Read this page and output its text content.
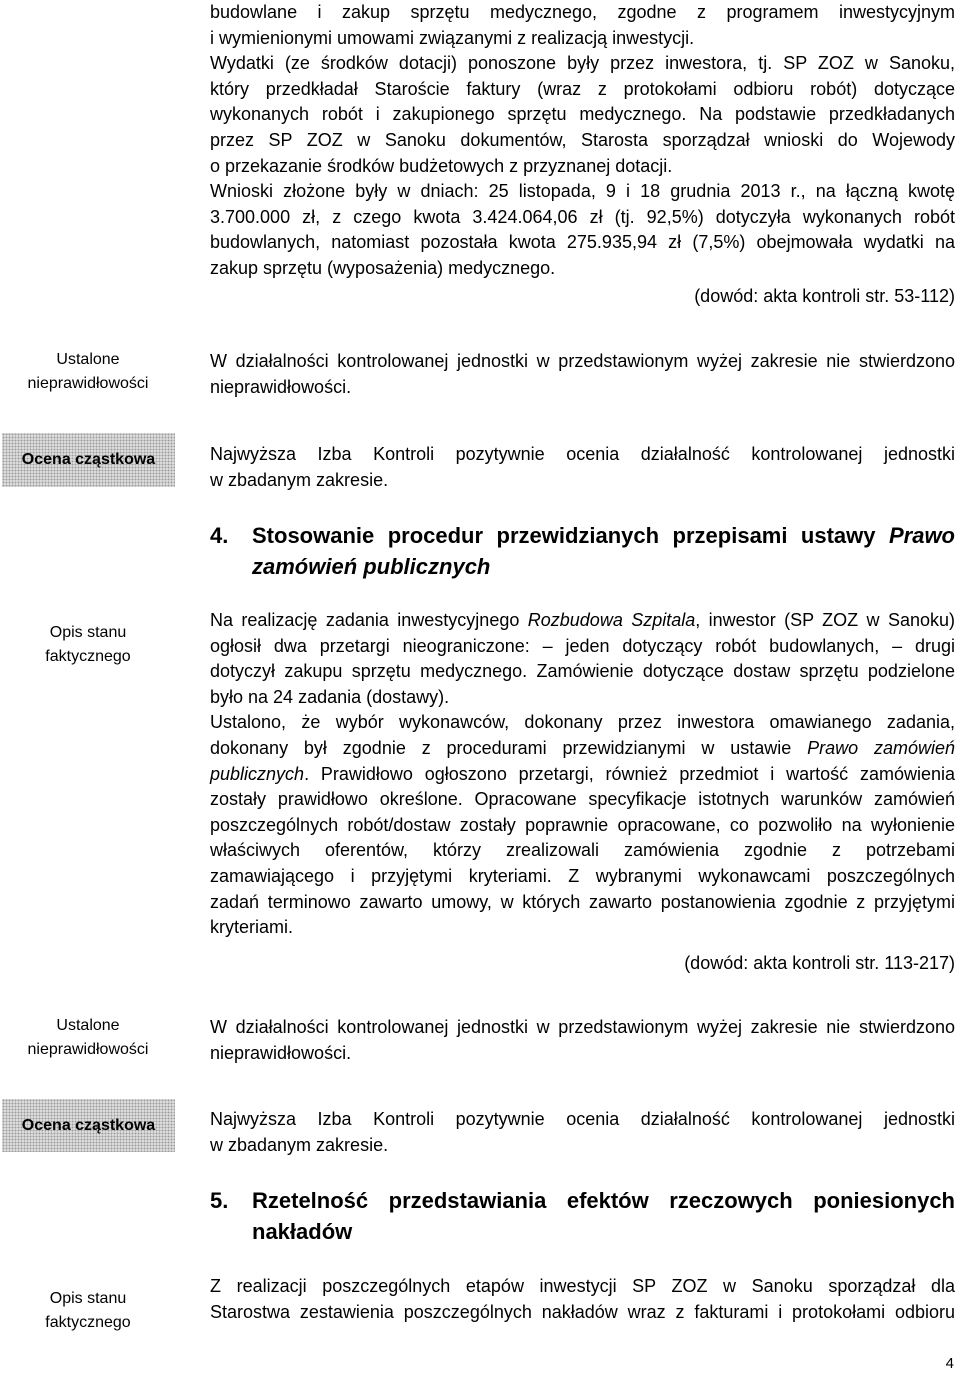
budowlane i zakup sprzętu medycznego, zgodne z programem inwestycyjnym
i wymienionymi umowami związanymi z realizacją inwestycji.
Wydatki (ze środków dotacji) ponoszone były przez inwestora, tj. SP ZOZ w Sanoku,
który przedkładał Staroście faktury (wraz z protokołami odbioru robót) dotyczące
wykonanych robót i zakupionego sprzętu medycznego. Na podstawie przedkładanych
przez SP ZOZ w Sanoku dokumentów, Starosta sporządzał wnioski do Wojewody
o przekazanie środków budżetowych z przyznanej dotacji.
Wnioski złożone były w dniach: 25 listopada, 9 i 18 grudnia 2013 r., na łączną kwotę
3.700.000 zł, z czego kwota 3.424.064,06 zł (tj. 92,5%) dotyczyła wykonanych robót
budowlanych, natomiast pozostała kwota 275.935,94 zł (7,5%) obejmowała wydatki na
zakup sprzętu (wyposażenia) medycznego.
(dowód: akta kontroli str. 53-112)
Ustalone
nieprawidłowości
W działalności kontrolowanej jednostki w przedstawionym wyżej zakresie nie stwierdzono
nieprawidłowości.
Ocena cząstkowa	Najwyższa Izba Kontroli pozytywnie ocenia działalność kontrolowanej jednostki
w zbadanym zakresie.
4.	Stosowanie procedur przewidzianych przepisami ustawy Prawo
zamówień publicznych
Opis stanu
faktycznego
Na realizację zadania inwestycyjnego Rozbudowa Szpitala, inwestor (SP ZOZ w Sanoku)
ogłosił dwa przetargi nieograniczone: – jeden dotyczący robót budowlanych, – drugi
dotyczył zakupu sprzętu medycznego. Zamówienie dotyczące dostaw sprzętu podzielone
było na 24 zadania (dostawy).
Ustalono, że wybór wykonawców, dokonany przez inwestora omawianego zadania,
dokonany był zgodnie z procedurami przewidzianymi w ustawie Prawo zamówień
publicznych. Prawidłowo ogłoszono przetargi, również przedmiot i wartość zamówienia
zostały prawidłowo określone. Opracowane specyfikacje istotnych warunków zamówień
poszczególnych robót/dostaw zostały poprawnie opracowane, co pozwoliło na wyłonienie
właściwych oferentów, którzy zrealizowali zamówienia zgodnie z potrzebami
zamawiającego i przyjętymi kryteriami. Z wybranymi wykonawcami poszczególnych
zadań terminowo zawarto umowy, w których zawarto postanowienia zgodnie z przyjętymi
kryteriami.
(dowód: akta kontroli str. 113-217)
Ustalone
nieprawidłowości
W działalności kontrolowanej jednostki w przedstawionym wyżej zakresie nie stwierdzono
nieprawidłowości.
Ocena cząstkowa	Najwyższa Izba Kontroli pozytywnie ocenia działalność kontrolowanej jednostki
w zbadanym zakresie.
5.	Rzetelność przedstawiania efektów rzeczowych poniesionych
nakładów
Opis stanu
faktycznego
Z realizacji poszczególnych etapów inwestycji SP ZOZ w Sanoku sporządzał dla
Starostwa zestawienia poszczególnych nakładów wraz z fakturami i protokołami odbioru
4
